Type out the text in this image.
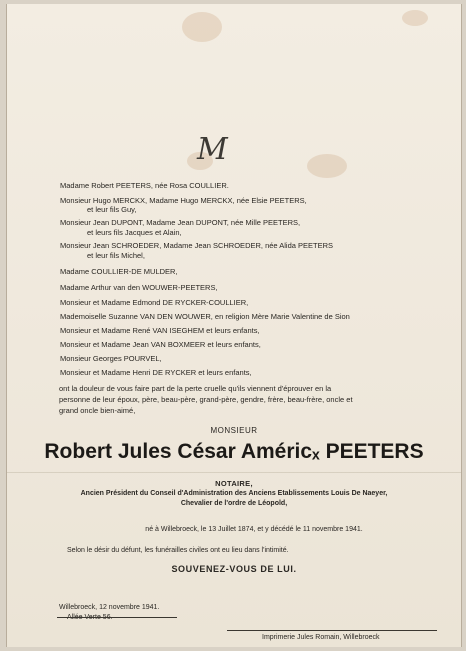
M

Madame Robert PEETERS, née Rosa COULLIER.

Monsieur Hugo MERCKX, Madame Hugo MERCKX, née Elsie PEETERS,

et leur fils Guy,

Monsieur Jean DUPONT, Madame Jean DUPONT, née Mille PEETERS,

et leurs fils Jacques et Alain,

Monsieur Jean SCHROEDER, Madame Jean SCHROEDER, née Alida PEETERS

et leur fils Michel,

Madame COULLIER-DE MULDER,

Madame Arthur van den WOUWER-PEETERS,

Monsieur et Madame Edmond DE RYCKER-COULLIER,

Mademoiselle Suzanne VAN DEN WOUWER, en religion Mère Marie Valentine de Sion

Monsieur et Madame René VAN ISEGHEM et leurs enfants,

Monsieur et Madame Jean VAN BOXMEER et leurs enfants,

Monsieur Georges POURVEL,

Monsieur et Madame Henri DE RYCKER et leurs enfants,

ont la douleur de vous faire part de la perte cruelle qu'ils viennent d'éprouver en la

personne de leur époux, père, beau-père, grand-père, gendre, frère, beau-frère, oncle et

grand oncle bien-aimé,

MONSIEUR

Robert Jules César Américₓ PEETERS

NOTAIRE,

Ancien Président du Conseil d'Administration des Anciens Etablissements Louis De Naeyer,

Chevalier de l'ordre de Léopold,

né à Willebroeck, le 13 Juillet 1874, et y décédé le 11 novembre 1941.

Selon le désir du défunt, les funérailles civiles ont eu lieu dans l'intimité.

SOUVENEZ-VOUS DE LUI.

Willebroeck, 12 novembre 1941.

Imprimerie Jules Romain, Willebroeck
